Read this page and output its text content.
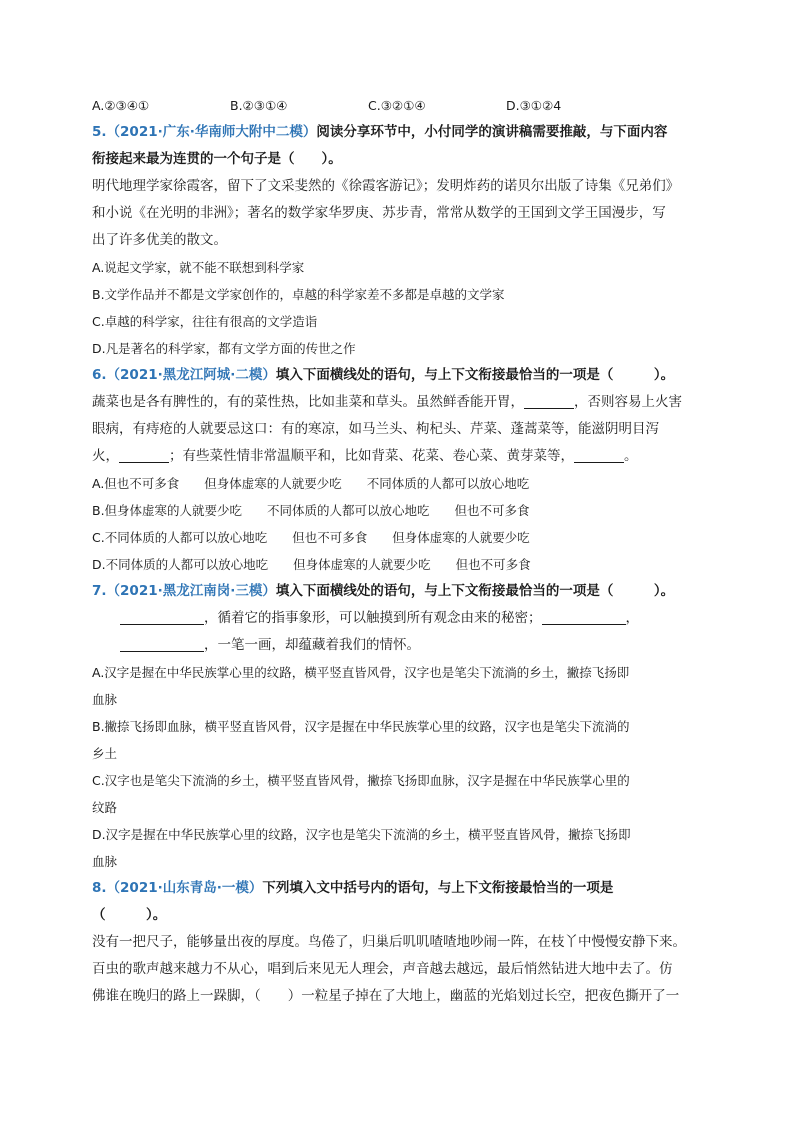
A.②③④①	B.②③①④	C.③②①④	D.③①②4
5.（2021·广东·华南师大附中二模）阅读分享环节中，小付同学的演讲稿需要推敲，与下面内容
衔接起来最为连贯的一个句子是（　　）。
明代地理学家徐霞客，留下了文采斐然的《徐霞客游记》；发明炸药的诺贝尔出版了诗集《兄弟们》
和小说《在光明的非洲》；著名的数学家华罗庚、苏步青，常常从数学的王国到文学王国漫步，写
出了许多优美的散文。
A.说起文学家，就不能不联想到科学家
B.文学作品并不都是文学家创作的，卓越的科学家差不多都是卓越的文学家
C.卓越的科学家，往往有很高的文学造诣
D.凡是著名的科学家，都有文学方面的传世之作
6.（2021·黑龙江阿城·二模）填入下面横线处的语句，与上下文衔接最恰当的一项是（　　　）。
蔬菜也是各有脾性的，有的菜性热，比如韭菜和草头。虽然鲜香能开胃，	，否则容易上火害
眼病，有痔疮的人就要忌这口：有的寒凉，如马兰头、枸杞头、芹菜、蓬蒿菜等，能滋阴明目泻
火，	；有些菜性情非常温顺平和，比如背菜、花菜、卷心菜、黄芽菜等，	。
A.但也不可多食　　但身体虚寒的人就要少吃　　不同体质的人都可以放心地吃
B.但身体虚寒的人就要少吃　　不同体质的人都可以放心地吃　　但也不可多食
C.不同体质的人都可以放心地吃　　但也不可多食　　但身体虚寒的人就要少吃
D.不同体质的人都可以放心地吃　　但身体虚寒的人就要少吃　　但也不可多食
7.（2021·黑龙江南岗·三模）填入下面横线处的语句，与上下文衔接最恰当的一项是（　　　）。
，循着它的指事象形，可以触摸到所有观念由来的秘密；	，
，一笔一画，却蕴藏着我们的情怀。
A.汉字是握在中华民族掌心里的纹路，横平竖直皆风骨，汉字也是笔尖下流淌的乡土，撇捺飞扬即
血脉
B.撇捺飞扬即血脉，横平竖直皆风骨，汉字是握在中华民族掌心里的纹路，汉字也是笔尖下流淌的
乡土
C.汉字也是笔尖下流淌的乡土，横平竖直皆风骨，撇捺飞扬即血脉，汉字是握在中华民族掌心里的
纹路
D.汉字是握在中华民族掌心里的纹路，汉字也是笔尖下流淌的乡土，横平竖直皆风骨，撇捺飞扬即
血脉
8.（2021·山东青岛·一模）下列填入文中括号内的语句，与上下文衔接最恰当的一项是
（　　　）。
没有一把尺子，能够量出夜的厚度。鸟倦了，归巢后叽叽喳喳地吵闹一阵，在枝丫中慢慢安静下来。
百虫的歌声越来越力不从心，唱到后来见无人理会，声音越去越远，最后悄然钻进大地中去了。仿
佛谁在晚归的路上一跺脚，（　　）一粒星子掉在了大地上，幽蓝的光焰划过长空，把夜色撕开了一
